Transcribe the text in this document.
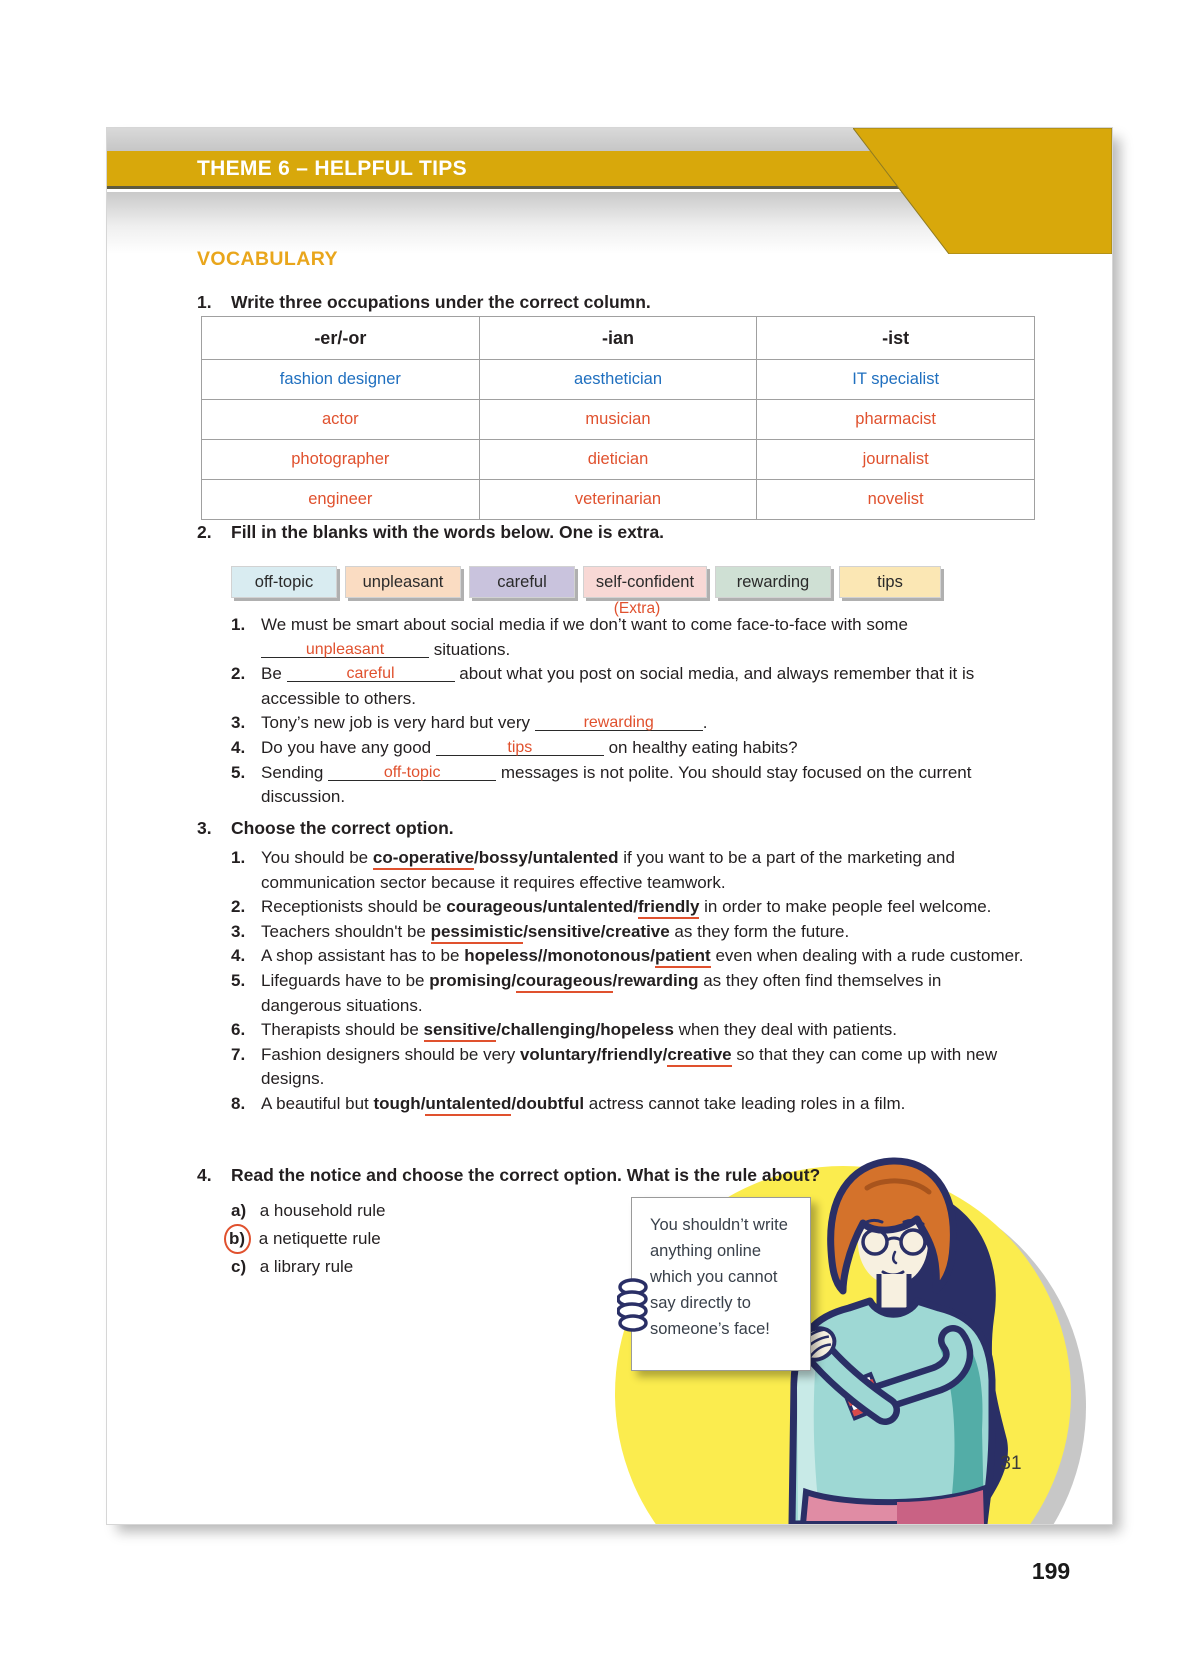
THEME 6 – HELPFUL TIPS
VOCABULARY
1. Write three occupations under the correct column.
-er/-or	-ian	-ist
fashion designer	aesthetician	IT specialist
actor	musician	pharmacist
photographer	dietician	journalist
engineer	veterinarian	novelist
2. Fill in the blanks with the words below. One is extra.
off-topic	unpleasant	careful	self-confident	rewarding	tips
(Extra)
1. We must be smart about social media if we don’t want to come face-to-face with some unpleasant	situations.
2. Be	careful	about what you post on social media, and always remember that it is accessible to others.
3. Tony’s new job is very hard but very	rewarding	.
4. Do you have any good	tips	on healthy eating habits?
5. Sending	off-topic	messages is not polite. You should stay focused on the current discussion.
3. Choose the correct option.
1. You should be co-operative/bossy/untalented if you want to be a part of the marketing and communication sector because it requires effective teamwork.
2. Receptionists should be courageous/untalented/friendly in order to make people feel welcome.
3. Teachers shouldn't be pessimistic/sensitive/creative as they form the future.
4. A shop assistant has to be hopeless//monotonous/patient even when dealing with a rude customer.
5. Lifeguards have to be promising/courageous/rewarding as they often find themselves in dangerous situations.
6. Therapists should be sensitive/challenging/hopeless when they deal with patients.
7. Fashion designers should be very voluntary/friendly/creative so that they can come up with new designs.
8. A beautiful but tough/untalented/doubtful actress cannot take leading roles in a film.
4. Read the notice and choose the correct option. What is the rule about?
a) a household rule
b) a netiquette rule
c) a library rule
You shouldn’t write
anything online
which you cannot
say directly to
someone’s face!
31
199
